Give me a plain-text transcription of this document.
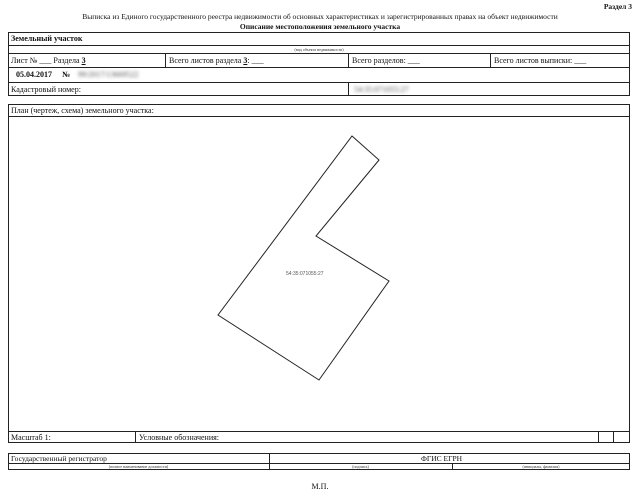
Раздел 3
Выписка из Единого государственного реестра недвижимости об основных характеристиках и зарегистрированных правах на объект недвижимости
Описание местоположения земельного участка
Земельный участок
(вид объекта недвижимости)
Лист № ___ Раздела 3	Всего листов раздела 3: ___	Всего разделов: ___	Всего листов выписки: ___
05.04.2017 № 99/2017/13669522
Кадастровый номер:	54:35:071055:27
План (чертеж, схема) земельного участка:
54:35:071055:27
Масштаб 1:	Условные обозначения:
Государственный регистратор	ФГИС ЕГРН
(полное наименование должности)	(подпись)	(инициалы, фамилия)
М.П.
